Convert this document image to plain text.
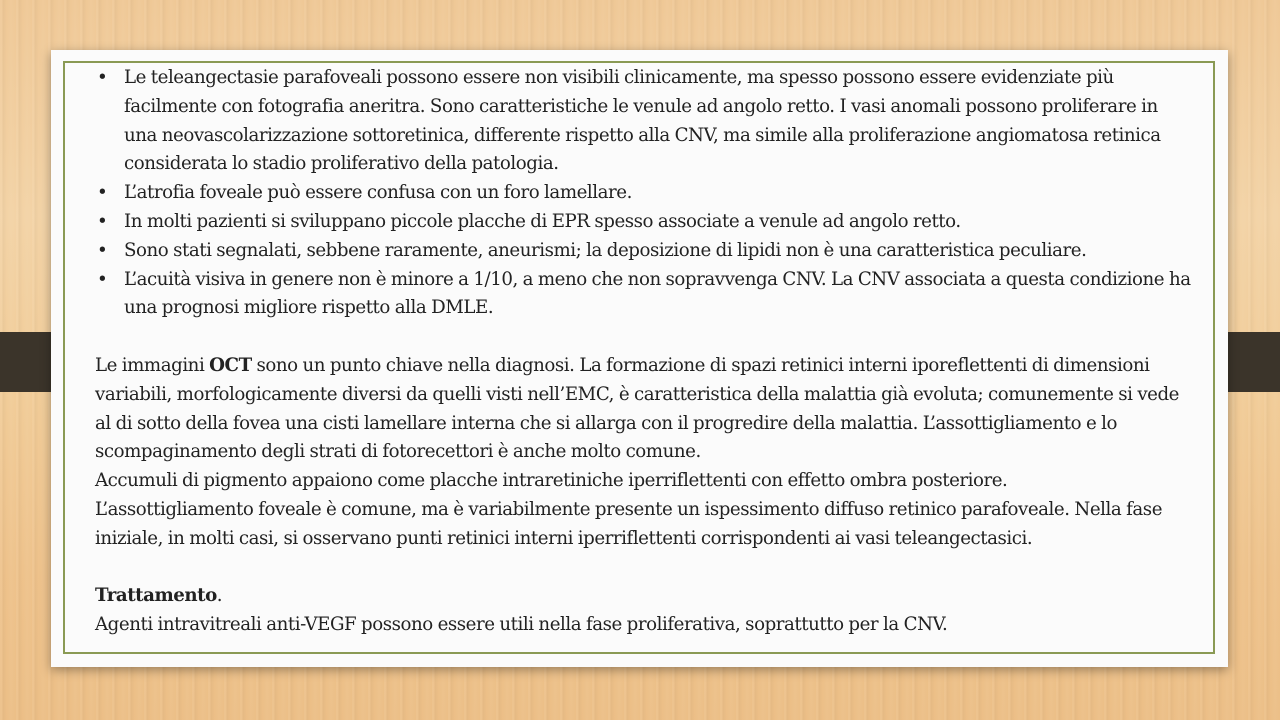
• Le teleangectasie parafoveali possono essere non visibili clinicamente, ma spesso possono essere evidenziate più facilmente con fotografia aneritra. Sono caratteristiche le venule ad angolo retto. I vasi anomali possono proliferare in una neovascolarizzazione sottoretinica, differente rispetto alla CNV, ma simile alla proliferazione angiomatosa retinica considerata lo stadio proliferativo della patologia.
• L’atrofia foveale può essere confusa con un foro lamellare.
• In molti pazienti si sviluppano piccole placche di EPR spesso associate a venule ad angolo retto.
• Sono stati segnalati, sebbene raramente, aneurismi; la deposizione di lipidi non è una caratteristica peculiare.
• L’acuità visiva in genere non è minore a 1/10, a meno che non sopravvenga CNV. La CNV associata a questa condizione ha una prognosi migliore rispetto alla DMLE.

Le immagini OCT sono un punto chiave nella diagnosi. La formazione di spazi retinici interni iporeflettenti di dimensioni variabili, morfologicamente diversi da quelli visti nell’EMC, è caratteristica della malattia già evoluta; comunemente si vede al di sotto della fovea una cisti lamellare interna che si allarga con il progredire della malattia. L’assottigliamento e lo scompaginamento degli strati di fotorecettori è anche molto comune.

Accumuli di pigmento appaiono come placche intraretiniche iperriflettenti con effetto ombra posteriore.

L’assottigliamento foveale è comune, ma è variabilmente presente un ispessimento diffuso retinico parafoveale. Nella fase iniziale, in molti casi, si osservano punti retinici interni iperriflettenti corrispondenti ai vasi teleangectasici.

Trattamento.

Agenti intravitreali anti-VEGF possono essere utili nella fase proliferativa, soprattutto per la CNV.
